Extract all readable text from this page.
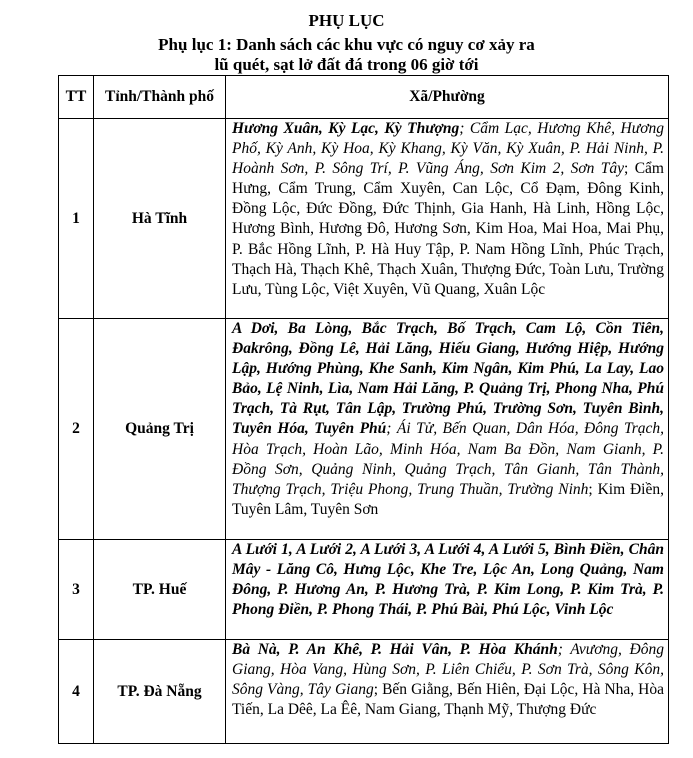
PHỤ LỤC

Phụ lục 1: Danh sách các khu vực có nguy cơ xảy ra

lũ quét, sạt lở đất đá trong 06 giờ tới

TT	Tỉnh/Thành phố	Xã/Phường
1	Hà Tĩnh	Hương Xuân, Kỳ Lạc, Kỳ Thượng; Cẩm Lạc, Hương Khê, Hương Phố, Kỳ Anh, Kỳ Hoa, Kỳ Khang, Kỳ Văn, Kỳ Xuân, P. Hải Ninh, P. Hoành Sơn, P. Sông Trí, P. Vũng Áng, Sơn Kim 2, Sơn Tây; Cẩm Hưng, Cẩm Trung, Cẩm Xuyên, Can Lộc, Cổ Đạm, Đông Kinh, Đồng Lộc, Đức Đồng, Đức Thịnh, Gia Hanh, Hà Linh, Hồng Lộc, Hương Bình, Hương Đô, Hương Sơn, Kim Hoa, Mai Hoa, Mai Phụ, P. Bắc Hồng Lĩnh, P. Hà Huy Tập, P. Nam Hồng Lĩnh, Phúc Trạch, Thạch Hà, Thạch Khê, Thạch Xuân, Thượng Đức, Toàn Lưu, Trường Lưu, Tùng Lộc, Việt Xuyên, Vũ Quang, Xuân Lộc
2	Quảng Trị	A Dơi, Ba Lòng, Bắc Trạch, Bố Trạch, Cam Lộ, Cồn Tiên, Đakrông, Đồng Lê, Hải Lăng, Hiếu Giang, Hướng Hiệp, Hướng Lập, Hướng Phùng, Khe Sanh, Kim Ngân, Kim Phú, La Lay, Lao Bảo, Lệ Ninh, Lìa, Nam Hải Lăng, P. Quảng Trị, Phong Nha, Phú Trạch, Tà Rụt, Tân Lập, Trường Phú, Trường Sơn, Tuyên Bình, Tuyên Hóa, Tuyên Phú; Ái Tử, Bến Quan, Dân Hóa, Đông Trạch, Hòa Trạch, Hoàn Lão, Minh Hóa, Nam Ba Đồn, Nam Gianh, P. Đồng Sơn, Quảng Ninh, Quảng Trạch, Tân Gianh, Tân Thành, Thượng Trạch, Triệu Phong, Trung Thuần, Trường Ninh; Kim Điền, Tuyên Lâm, Tuyên Sơn
3	TP. Huế	A Lưới 1, A Lưới 2, A Lưới 3, A Lưới 4, A Lưới 5, Bình Điền, Chân Mây - Lăng Cô, Hưng Lộc, Khe Tre, Lộc An, Long Quảng, Nam Đông, P. Hương An, P. Hương Trà, P. Kim Long, P. Kim Trà, P. Phong Điền, P. Phong Thái, P. Phú Bài, Phú Lộc, Vinh Lộc
4	TP. Đà Nẵng	Bà Nà, P. An Khê, P. Hải Vân, P. Hòa Khánh; Avương, Đông Giang, Hòa Vang, Hùng Sơn, P. Liên Chiểu, P. Sơn Trà, Sông Kôn, Sông Vàng, Tây Giang; Bến Giằng, Bến Hiên, Đại Lộc, Hà Nha, Hòa Tiến, La Dêê, La Êê, Nam Giang, Thạnh Mỹ, Thượng Đức
